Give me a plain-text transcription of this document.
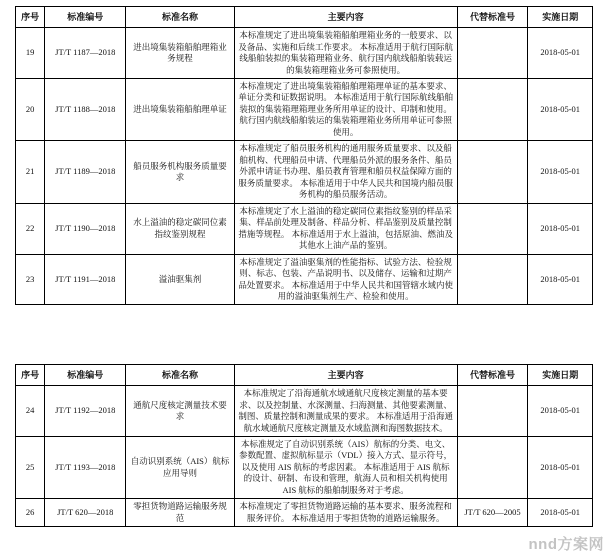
序号	标准编号	标准名称	主要内容	代替标准号	实施日期
19	JT/T 1187—2018	进出境集装箱船舶理箱业务规程	本标准规定了进出境集装箱船舶理箱业务的一般要求、以及备品、实施和后续工作要求。 本标准适用于航行国际航线船舶装拟的集装箱理箱业务、航行国内航线船舶装载运的集装箱理箱业务可参照使用。		2018-05-01
20	JT/T 1188—2018	进出境集装箱船舶理单证	本标准规定了进出境集装箱船舶理箱理单证的基本要求、单证分类和证数据说明。 本标准适用于航行国际航线船舶装拟的集装箱理箱理业务所用单证的设计、印制和使用。航行国内航线船舶装运的集装箱理箱业务所用单证可参照使用。		2018-05-01
21	JT/T 1189—2018	船员服务机构服务质量要求	本标准规定了船员服务机构的通用服务质量要求、以及船舶机构、代理船员申请、代理船员外派的服务条件、船员外派申请证书办理、船员教育管理和船员权益保障方面的服务质量要求。 本标准适用于中华人民共和国境内船员服务机构的船员服务活动。		2018-05-01
22	JT/T 1190—2018	水上溢油的稳定碳同位素指纹鉴别规程	本标准规定了水上溢油的稳定碳同位素指纹鉴别的样品采集、样品前处理及制备、样品分析、样品鉴别及质量控制措施等规程。 本标准适用于水上溢油，包括原油、燃油及其他水上油产品的鉴别。		2018-05-01
23	JT/T 1191—2018	溢油驱集剂	本标准规定了溢油驱集剂的性能指标、试验方法、检验规则、标志、包装、产品说明书、以及储存、运输和过期产品处置要求。 本标准适用于中华人民共和国管辖水域内使用的溢油驱集剂生产、检验和使用。		2018-05-01
序号	标准编号	标准名称	主要内容	代替标准号	实施日期
24	JT/T 1192—2018	通航尺度核定测量技术要求	本标准规定了沿海通航水域通航尺度核定测量的基本要求、以及控制量、水深测量、扫海测量、其他要素测量、制图、质量控制和测量成果的要求。 本标准适用于沿海通航水域通航尺度核定测量及水域监测和海图数据技术。		2018-05-01
25	JT/T 1193—2018	自动识别系统（AIS）航标应用导则	本标准规定了自动识别系统（AIS）航标的分类、电文、参数配置、虚拟航标显示（VDL）接入方式、显示符号，以及使用 AIS 航标的考虑因素。 本标准适用于 AIS 航标的设计、研制、布设和管理，航海人员和相关机构使用 AIS 航标的船舶制服务对于考虑。		2018-05-01
26	JT/T 620—2018	零担货物道路运输服务规范	本标准规定了零担货物道路运输的基本要求、服务流程和服务评价。 本标准适用于零担货物的道路运输服务。	JT/T 620—2005	2018-05-01
nnd方案网
